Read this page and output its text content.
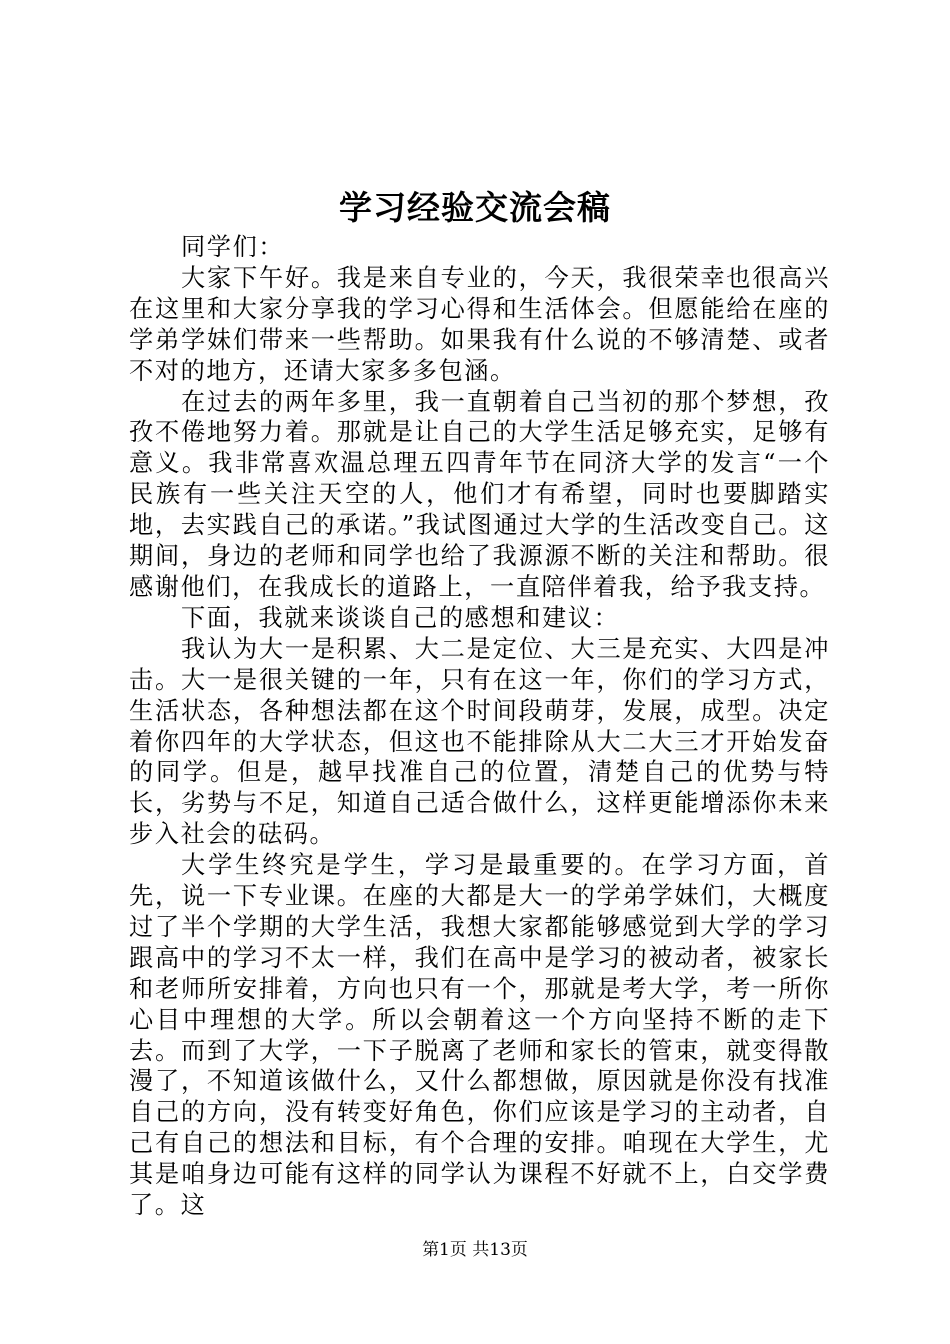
学习经验交流会稿

同学们：

大家下午好。我是来自专业的，今天，我很荣幸也很高兴在这里和大家分享我的学习心得和生活体会。但愿能给在座的学弟学妹们带来一些帮助。如果我有什么说的不够清楚、或者不对的地方，还请大家多多包涵。

在过去的两年多里，我一直朝着自己当初的那个梦想，孜孜不倦地努力着。那就是让自己的大学生活足够充实，足够有意义。我非常喜欢温总理五四青年节在同济大学的发言“一个民族有一些关注天空的人，他们才有希望，同时也要脚踏实地，去实践自己的承诺。”我试图通过大学的生活改变自己。这期间，身边的老师和同学也给了我源源不断的关注和帮助。很感谢他们，在我成长的道路上，一直陪伴着我，给予我支持。

下面，我就来谈谈自己的感想和建议：

我认为大一是积累、大二是定位、大三是充实、大四是冲击。大一是很关键的一年，只有在这一年，你们的学习方式，生活状态，各种想法都在这个时间段萌芽，发展，成型。决定着你四年的大学状态，但这也不能排除从大二大三才开始发奋的同学。但是，越早找准自己的位置，清楚自己的优势与特长，劣势与不足，知道自己适合做什么，这样更能增添你未来步入社会的砝码。

大学生终究是学生，学习是最重要的。在学习方面，首先，说一下专业课。在座的大都是大一的学弟学妹们，大概度过了半个学期的大学生活，我想大家都能够感觉到大学的学习跟高中的学习不太一样，我们在高中是学习的被动者，被家长和老师所安排着，方向也只有一个，那就是考大学，考一所你心目中理想的大学。所以会朝着这一个方向坚持不断的走下去。而到了大学，一下子脱离了老师和家长的管束，就变得散漫了，不知道该做什么，又什么都想做，原因就是你没有找准自己的方向，没有转变好角色，你们应该是学习的主动者，自己有自己的想法和目标，有个合理的安排。咱现在大学生，尤其是咱身边可能有这样的同学认为课程不好就不上，白交学费了。这

第1页 共13页
